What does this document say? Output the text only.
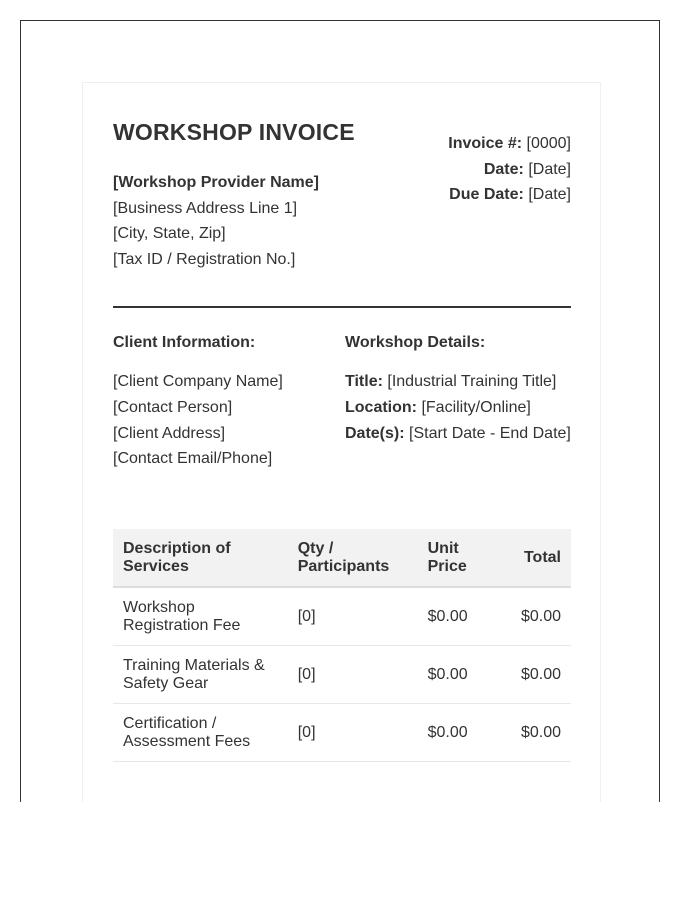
WORKSHOP INVOICE
[Workshop Provider Name]
[Business Address Line 1]
[City, State, Zip]
[Tax ID / Registration No.]
Invoice #: [0000]
Date: [Date]
Due Date: [Date]
Client Information:
[Client Company Name]
[Contact Person]
[Client Address]
[Contact Email/Phone]
Workshop Details:
Title: [Industrial Training Title]
Location: [Facility/Online]
Date(s): [Start Date - End Date]
Description of Services	Qty / Participants	Unit Price	Total
Workshop Registration Fee	[0]	$0.00	$0.00
Training Materials & Safety Gear	[0]	$0.00	$0.00
Certification / Assessment Fees	[0]	$0.00	$0.00
